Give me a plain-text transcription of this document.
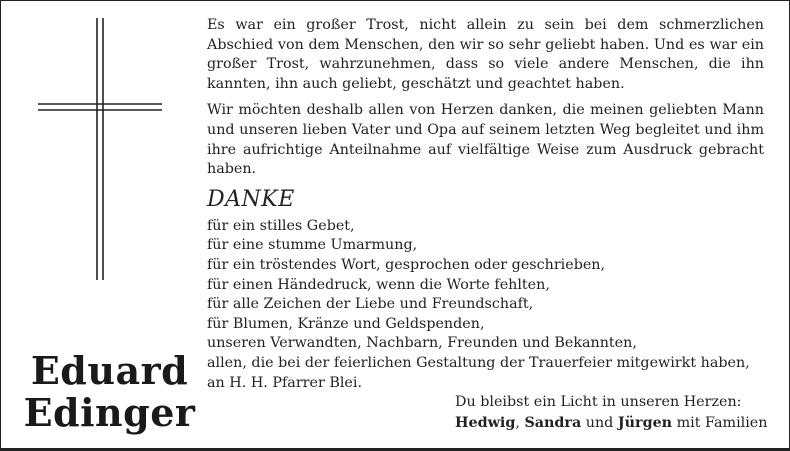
Eduard
Edinger

Es war ein großer Trost, nicht allein zu sein bei dem schmerzlichen Abschied von dem Menschen, den wir so sehr geliebt haben. Und es war ein großer Trost, wahrzunehmen, dass so viele andere Menschen, die ihn kannten, ihn auch geliebt, geschätzt und geachtet haben.

Wir möchten deshalb allen von Herzen danken, die meinen geliebten Mann und unseren lieben Vater und Opa auf seinem letzten Weg begleitet und ihm ihre aufrichtige Anteilnahme auf vielfältige Weise zum Ausdruck gebracht haben.

DANKE
für ein stilles Gebet,
für eine stumme Umarmung,
für ein tröstendes Wort, gesprochen oder geschrieben,
für einen Händedruck, wenn die Worte fehlten,
für alle Zeichen der Liebe und Freundschaft,
für Blumen, Kränze und Geldspenden,
unseren Verwandten, Nachbarn, Freunden und Bekannten,
allen, die bei der feierlichen Gestaltung der Trauerfeier mitgewirkt haben,
an H. H. Pfarrer Blei.
Du bleibst ein Licht in unseren Herzen:
Hedwig, Sandra und Jürgen mit Familien
